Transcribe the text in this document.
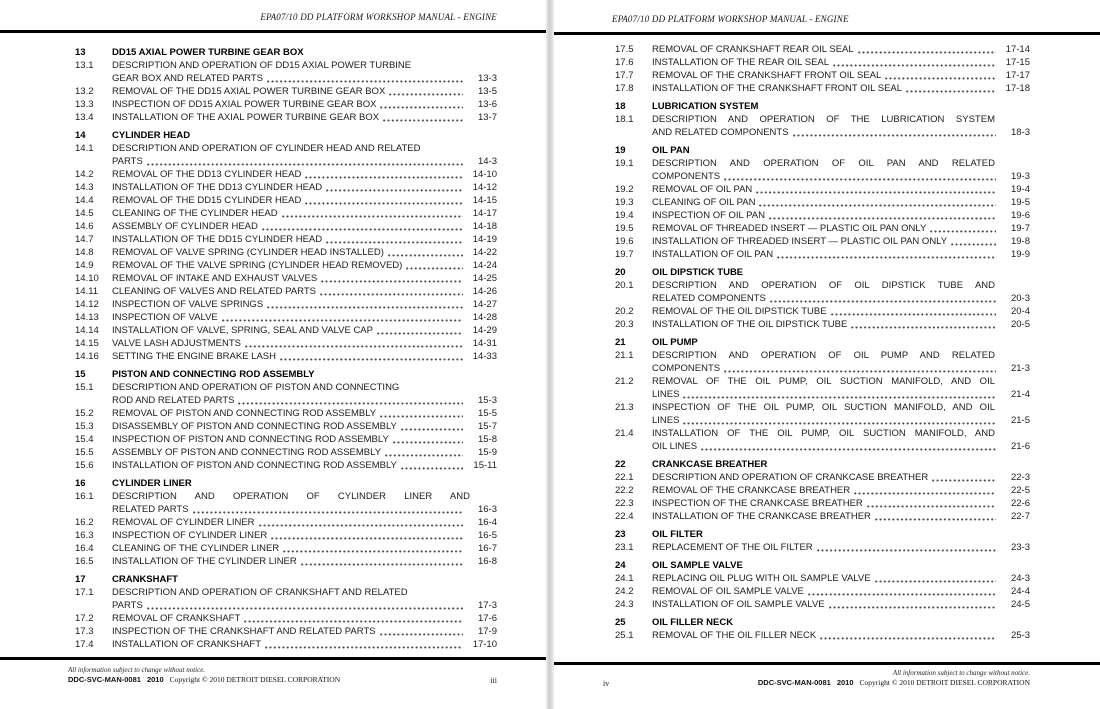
EPA07/10 DD PLATFORM WORKSHOP MANUAL - ENGINE
13	DD15 AXIAL POWER TURBINE GEAR BOX
13.1	DESCRIPTION AND OPERATION OF DD15 AXIAL POWER TURBINE
GEAR BOX AND RELATED PARTS	13-3
13.2	REMOVAL OF THE DD15 AXIAL POWER TURBINE GEAR BOX	13-5
13.3	INSPECTION OF DD15 AXIAL POWER TURBINE GEAR BOX	13-6
13.4	INSTALLATION OF THE AXIAL POWER TURBINE GEAR BOX	13-7
14	CYLINDER HEAD
14.1	DESCRIPTION AND OPERATION OF CYLINDER HEAD AND RELATED
PARTS	14-3
14.2	REMOVAL OF THE DD13 CYLINDER HEAD	14-10
14.3	INSTALLATION OF THE DD13 CYLINDER HEAD	14-12
14.4	REMOVAL OF THE DD15 CYLINDER HEAD	14-15
14.5	CLEANING OF THE CYLINDER HEAD	14-17
14.6	ASSEMBLY OF CYLINDER HEAD	14-18
14.7	INSTALLATION OF THE DD15 CYLINDER HEAD	14-19
14.8	REMOVAL OF VALVE SPRING (CYLINDER HEAD INSTALLED)	14-22
14.9	REMOVAL OF THE VALVE SPRING (CYLINDER HEAD REMOVED)	14-24
14.10	REMOVAL OF INTAKE AND EXHAUST VALVES	14-25
14.11	CLEANING OF VALVES AND RELATED PARTS	14-26
14.12	INSPECTION OF VALVE SPRINGS	14-27
14.13	INSPECTION OF VALVE	14-28
14.14	INSTALLATION OF VALVE, SPRING, SEAL AND VALVE CAP	14-29
14.15	VALVE LASH ADJUSTMENTS	14-31
14.16	SETTING THE ENGINE BRAKE LASH	14-33
15	PISTON AND CONNECTING ROD ASSEMBLY
15.1	DESCRIPTION AND OPERATION OF PISTON AND CONNECTING
ROD AND RELATED PARTS	15-3
15.2	REMOVAL OF PISTON AND CONNECTING ROD ASSEMBLY	15-5
15.3	DISASSEMBLY OF PISTON AND CONNECTING ROD ASSEMBLY	15-7
15.4	INSPECTION OF PISTON AND CONNECTING ROD ASSEMBLY	15-8
15.5	ASSEMBLY OF PISTON AND CONNECTING ROD ASSEMBLY	15-9
15.6	INSTALLATION OF PISTON AND CONNECTING ROD ASSEMBLY	15-11
16	CYLINDER LINER
16.1	DESCRIPTION AND OPERATION OF CYLINDER LINER AND
RELATED PARTS	16-3
16.2	REMOVAL OF CYLINDER LINER	16-4
16.3	INSPECTION OF CYLINDER LINER	16-5
16.4	CLEANING OF THE CYLINDER LINER	16-7
16.5	INSTALLATION OF THE CYLINDER LINER	16-8
17	CRANKSHAFT
17.1	DESCRIPTION AND OPERATION OF CRANKSHAFT AND RELATED
PARTS	17-3
17.2	REMOVAL OF CRANKSHAFT	17-6
17.3	INSPECTION OF THE CRANKSHAFT AND RELATED PARTS	17-9
17.4	INSTALLATION OF CRANKSHAFT	17-10
All information subject to change without notice.
DDC-SVC-MAN-0081 2010 Copyright © 2010 DETROIT DIESEL CORPORATION	iii
EPA07/10 DD PLATFORM WORKSHOP MANUAL - ENGINE
17.5	REMOVAL OF CRANKSHAFT REAR OIL SEAL	17-14
17.6	INSTALLATION OF THE REAR OIL SEAL	17-15
17.7	REMOVAL OF THE CRANKSHAFT FRONT OIL SEAL	17-17
17.8	INSTALLATION OF THE CRANKSHAFT FRONT OIL SEAL	17-18
18	LUBRICATION SYSTEM
18.1	DESCRIPTION AND OPERATION OF THE LUBRICATION SYSTEM
AND RELATED COMPONENTS	18-3
19	OIL PAN
19.1	DESCRIPTION AND OPERATION OF OIL PAN AND RELATED
COMPONENTS	19-3
19.2	REMOVAL OF OIL PAN	19-4
19.3	CLEANING OF OIL PAN	19-5
19.4	INSPECTION OF OIL PAN	19-6
19.5	REMOVAL OF THREADED INSERT — PLASTIC OIL PAN ONLY	19-7
19.6	INSTALLATION OF THREADED INSERT — PLASTIC OIL PAN ONLY	19-8
19.7	INSTALLATION OF OIL PAN	19-9
20	OIL DIPSTICK TUBE
20.1	DESCRIPTION AND OPERATION OF OIL DIPSTICK TUBE AND
RELATED COMPONENTS	20-3
20.2	REMOVAL OF THE OIL DIPSTICK TUBE	20-4
20.3	INSTALLATION OF THE OIL DIPSTICK TUBE	20-5
21	OIL PUMP
21.1	DESCRIPTION AND OPERATION OF OIL PUMP AND RELATED
COMPONENTS	21-3
21.2	REMOVAL OF THE OIL PUMP, OIL SUCTION MANIFOLD, AND OIL
LINES	21-4
21.3	INSPECTION OF THE OIL PUMP, OIL SUCTION MANIFOLD, AND OIL
LINES	21-5
21.4	INSTALLATION OF THE OIL PUMP, OIL SUCTION MANIFOLD, AND
OIL LINES	21-6
22	CRANKCASE BREATHER
22.1	DESCRIPTION AND OPERATION OF CRANKCASE BREATHER	22-3
22.2	REMOVAL OF THE CRANKCASE BREATHER	22-5
22.3	INSPECTION OF THE CRANKCASE BREATHER	22-6
22.4	INSTALLATION OF THE CRANKCASE BREATHER	22-7
23	OIL FILTER
23.1	REPLACEMENT OF THE OIL FILTER	23-3
24	OIL SAMPLE VALVE
24.1	REPLACING OIL PLUG WITH OIL SAMPLE VALVE	24-3
24.2	REMOVAL OF OIL SAMPLE VALVE	24-4
24.3	INSTALLATION OF OIL SAMPLE VALVE	24-5
25	OIL FILLER NECK
25.1	REMOVAL OF THE OIL FILLER NECK	25-3
All information subject to change without notice.
DDC-SVC-MAN-0081 2010 Copyright © 2010 DETROIT DIESEL CORPORATION
iv
